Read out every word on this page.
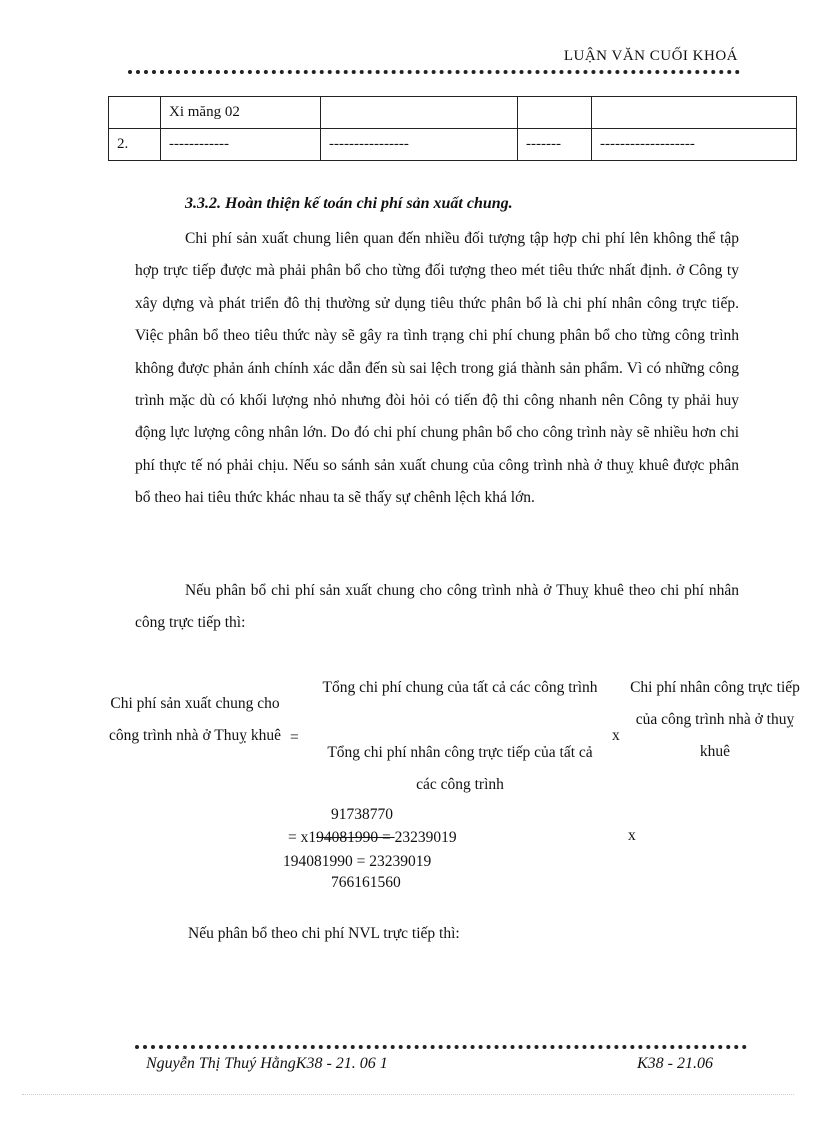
LUẬN VĂN CUỐI KHOÁ
	Xi măng 02			
2.	------------	----------------	-------	-------------------
3.3.2. Hoàn thiện kế toán chi phí sản xuất chung.

Chi phí sản xuất chung liên quan đến nhiều đối tượng tập hợp chi phí lên không thể tập hợp trực tiếp được mà phải phân bổ cho từng đối tượng theo mét tiêu thức nhất định. ở Công ty xây dựng và phát triển đô thị thường sử dụng tiêu thức phân bổ là chi phí nhân công trực tiếp. Việc phân bổ theo tiêu thức này sẽ gây ra tình trạng chi phí chung phân bổ cho từng công trình không được phản ánh chính xác dẫn đến sù sai lệch trong giá thành sản phẩm. Vì có những công trình mặc dù có khối lượng nhỏ nhưng đòi hỏi có tiến độ thi công nhanh nên Công ty phải huy động lực lượng công nhân lớn. Do đó chi phí chung phân bổ cho công trình này sẽ nhiều hơn chi phí thực tế nó phải chịu. Nếu so sánh sản xuất chung của công trình nhà ở thuỵ khuê được phân bổ theo hai tiêu thức khác nhau ta sẽ thấy sự chênh lệch khá lớn.

Nếu phân bổ chi phí sản xuất chung cho công trình nhà ở Thuỵ khuê theo chi phí nhân công trực tiếp thì:

Chi phí sản xuất chung cho công trình nhà ở Thuỵ khuê =
Tổng chi phí chung của tất cả các công trình
Tổng chi phí nhân công trực tiếp của tất cả các công trình
x
Chi phí nhân công trực tiếp của công trình nhà ở thuỵ khuê
91738770
= x194081990 = 23239019
194081990 = 23239019
766161560
x
Nếu phân bổ theo chi phí NVL trực tiếp thì:
Nguyễn Thị Thuý HằngK38 - 21. 06 1	K38 - 21.06
